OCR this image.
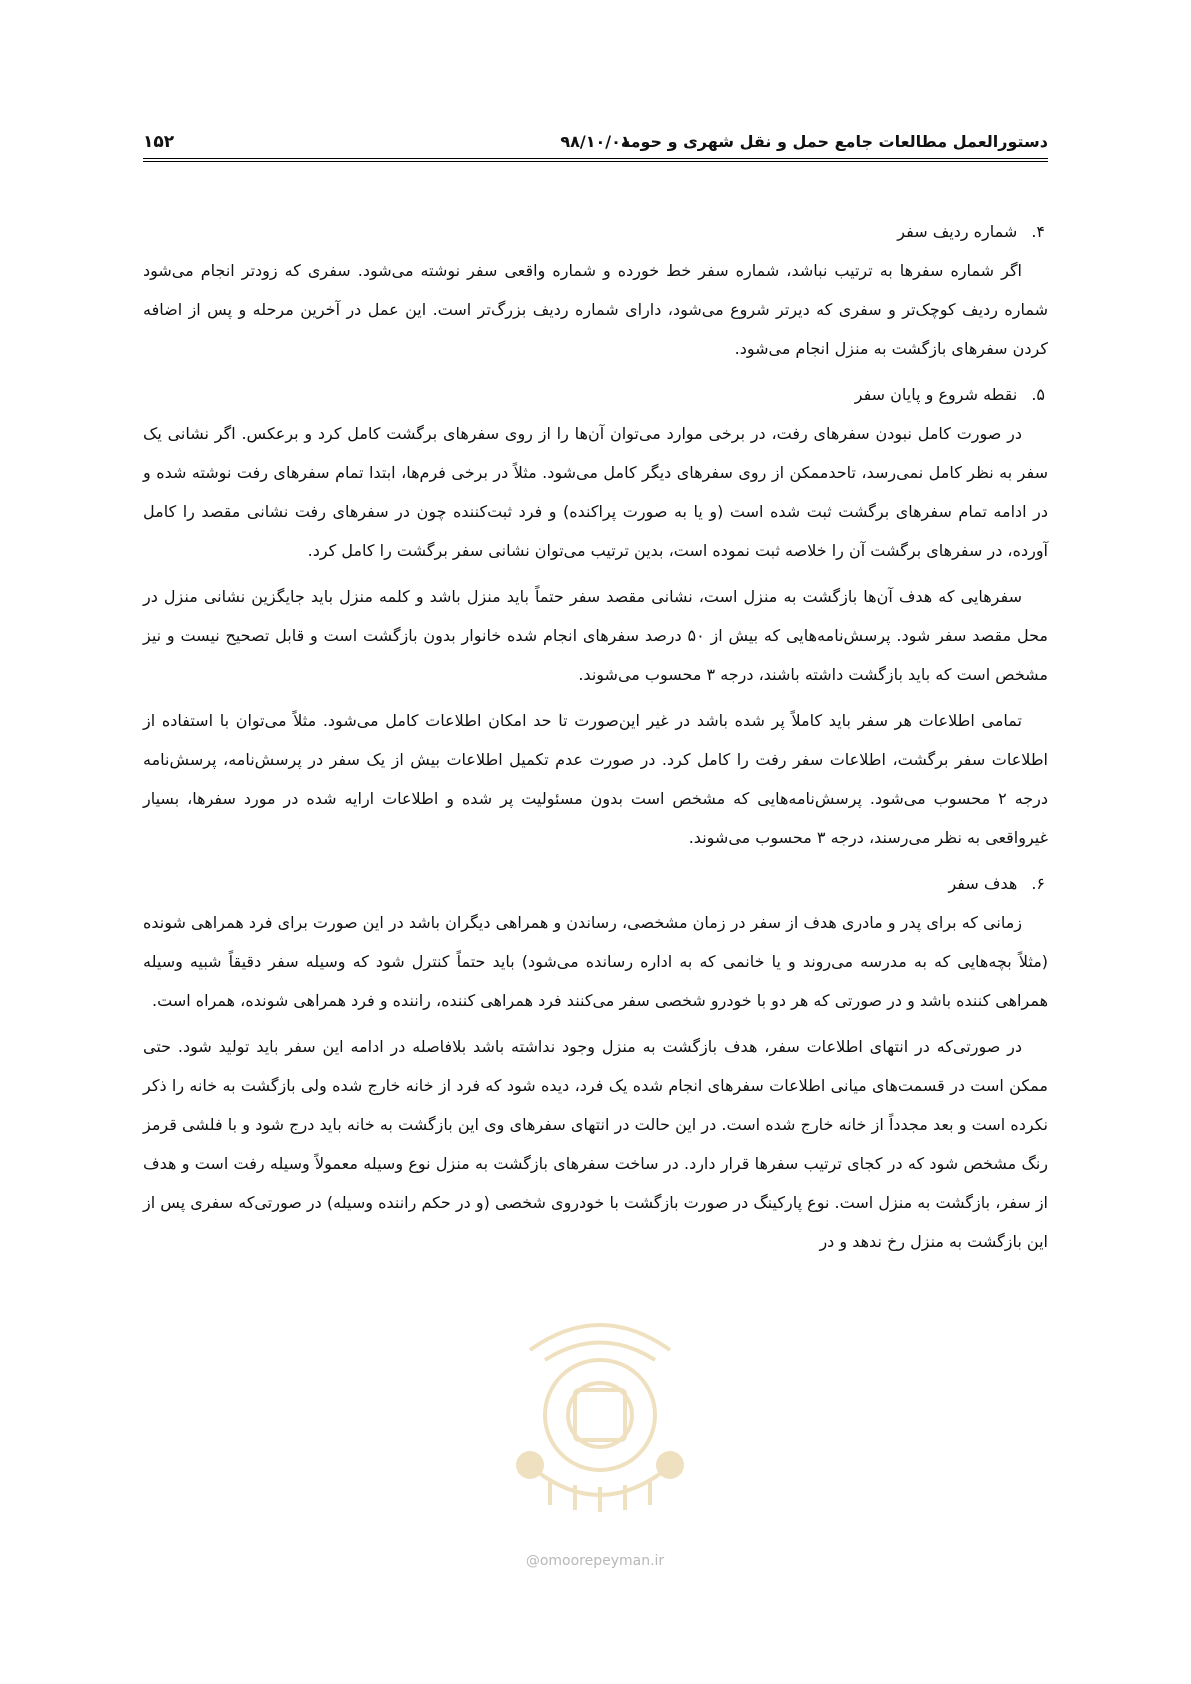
دستورالعمل مطالعات جامع حمل و نقل شهری و حومه
۹۸/۱۰/۰۱
۱۵۲
۴.
شماره ردیف سفر

اگر شماره سفرها به ترتیب نباشد، شماره سفر خط خورده و شماره واقعی سفر نوشته می‌شود. سفری که زودتر انجام می‌شود شماره ردیف کوچک‌تر و سفری که دیرتر شروع می‌شود، دارای شماره ردیف بزرگ‌تر است. این عمل در آخرین مرحله و پس از اضافه کردن سفرهای بازگشت به منزل انجام می‌شود.

۵.
نقطه شروع و پایان سفر

در صورت کامل نبودن سفرهای رفت، در برخی موارد می‌توان آن‌ها را از روی سفرهای برگشت کامل کرد و برعکس. اگر نشانی یک سفر به نظر کامل نمی‌رسد، تاحدممکن از روی سفرهای دیگر کامل می‌شود. مثلاً در برخی فرم‌ها، ابتدا تمام سفرهای رفت نوشته شده و در ادامه تمام سفرهای برگشت ثبت شده است (و یا به صورت پراکنده) و فرد ثبت‌کننده چون در سفرهای رفت نشانی مقصد را کامل آورده، در سفرهای برگشت آن را خلاصه ثبت نموده است، بدین ترتیب می‌توان نشانی سفر برگشت را کامل کرد.

سفرهایی که هدف آن‌ها بازگشت به منزل است، نشانی مقصد سفر حتماً باید منزل باشد و کلمه منزل باید جایگزین نشانی منزل در محل مقصد سفر شود. پرسش‌نامه‌هایی که بیش از ۵۰ درصد سفرهای انجام شده خانوار بدون بازگشت است و قابل تصحیح نیست و نیز مشخص است که باید بازگشت داشته باشند، درجه ۳ محسوب می‌شوند.

تمامی اطلاعات هر سفر باید کاملاً پر شده باشد در غیر این‌صورت تا حد امکان اطلاعات کامل می‌شود. مثلاً می‌توان با استفاده از اطلاعات سفر برگشت، اطلاعات سفر رفت را کامل کرد. در صورت عدم تکمیل اطلاعات بیش از یک سفر در پرسش‌نامه، پرسش‌نامه درجه ۲ محسوب می‌شود. پرسش‌نامه‌هایی که مشخص است بدون مسئولیت پر شده و اطلاعات ارایه شده در مورد سفرها، بسیار غیرواقعی به نظر می‌رسند، درجه ۳ محسوب می‌شوند.

۶.
هدف سفر

زمانی که برای پدر و مادری هدف از سفر در زمان مشخصی، رساندن و همراهی دیگران باشد در این صورت برای فرد همراهی شونده (مثلاً بچه‌هایی که به مدرسه می‌روند و یا خانمی که به اداره رسانده می‌شود) باید حتماً کنترل شود که وسیله سفر دقیقاً شبیه وسیله همراهی کننده باشد و در صورتی که هر دو با خودرو شخصی سفر می‌کنند فرد همراهی کننده، راننده و فرد همراهی شونده، همراه است.

در صورتی‌که در انتهای اطلاعات سفر، هدف بازگشت به منزل وجود نداشته باشد بلافاصله در ادامه این سفر باید تولید شود. حتی ممکن است در قسمت‌های میانی اطلاعات سفرهای انجام شده یک فرد، دیده شود که فرد از خانه خارج شده ولی بازگشت به خانه را ذکر نکرده است و بعد مجدداً از خانه خارج شده است. در این حالت در انتهای سفرهای وی این بازگشت به خانه باید درج شود و با فلشی قرمز رنگ مشخص شود که در کجای ترتیب سفرها قرار دارد. در ساخت سفرهای بازگشت به منزل نوع وسیله معمولاً وسیله رفت است و هدف از سفر، بازگشت به منزل است. نوع پارکینگ در صورت بازگشت با خودروی شخصی (و در حکم راننده وسیله) در صورتی‌که سفری پس از این بازگشت به منزل رخ ندهد و در

@omoorepeyman.ir
